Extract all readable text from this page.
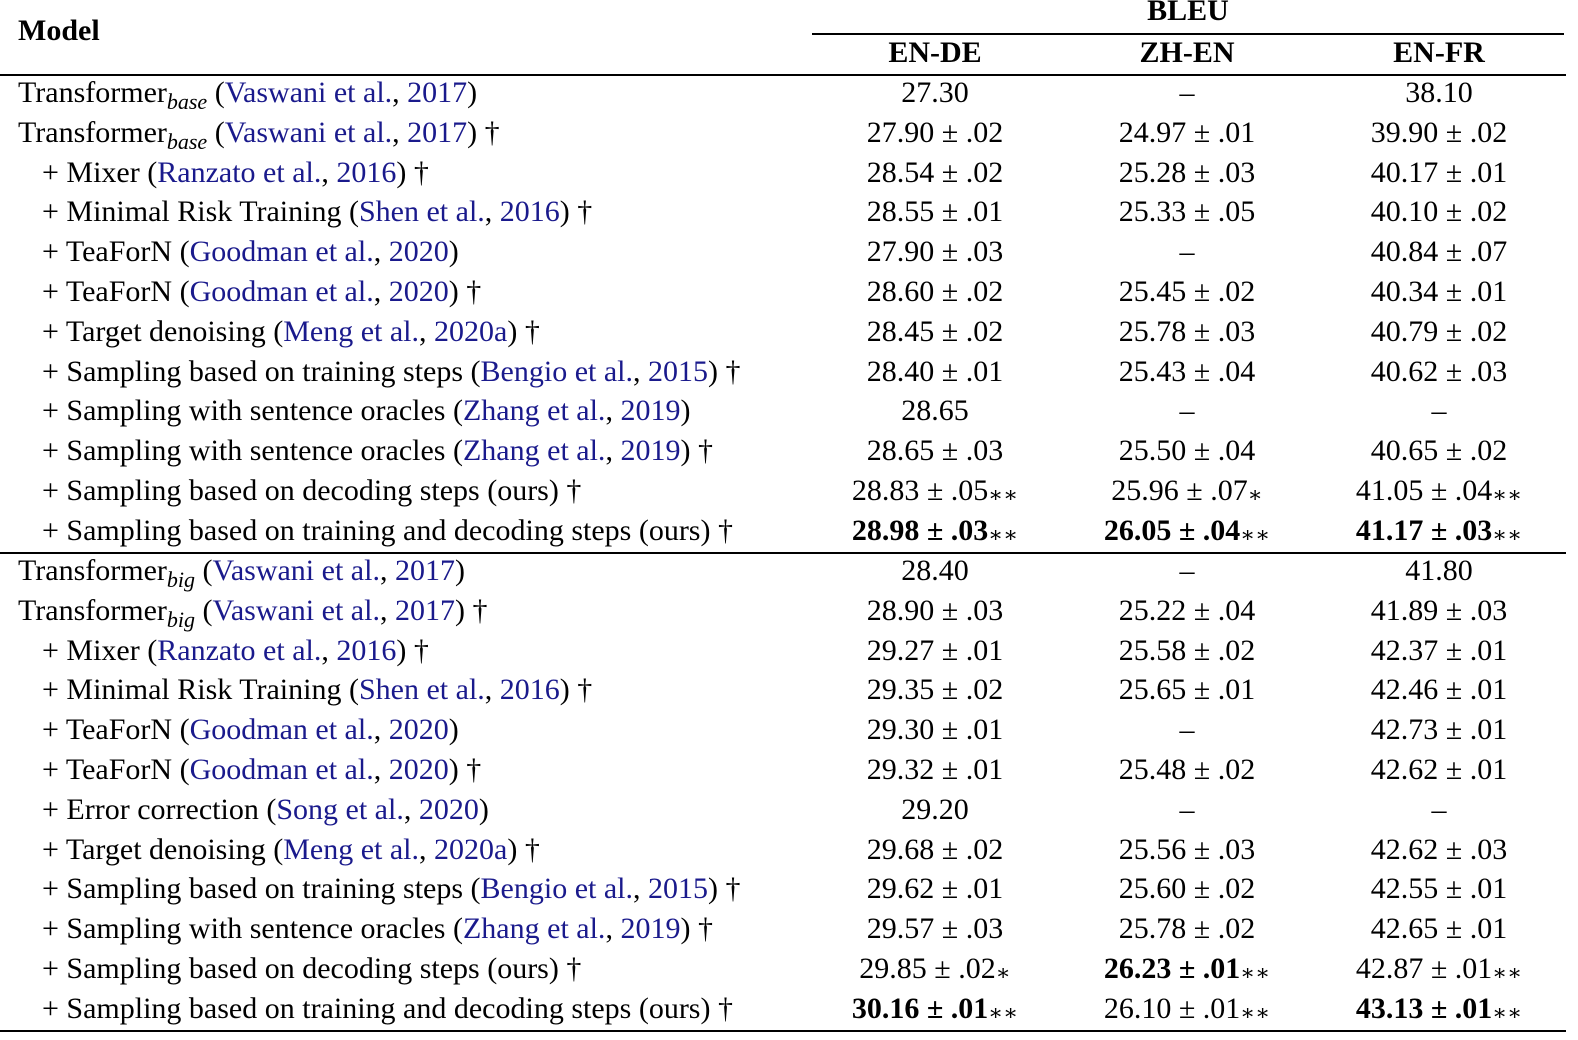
Model
BLEU
EN-DE	ZH-EN	EN-FR
Transformer$_{base}$ (Vaswani et al., 2017)	27.30	–	38.10
Transformer$_{base}$ (Vaswani et al., 2017) †	27.90 ± .02	24.97 ± .01	39.90 ± .02
+ Mixer (Ranzato et al., 2016) †	28.54 ± .02	25.28 ± .03	40.17 ± .01
+ Minimal Risk Training (Shen et al., 2016) †	28.55 ± .01	25.33 ± .05	40.10 ± .02
+ TeaForN (Goodman et al., 2020)	27.90 ± .03	–	40.84 ± .07
+ TeaForN (Goodman et al., 2020) †	28.60 ± .02	25.45 ± .02	40.34 ± .01
+ Target denoising (Meng et al., 2020a) †	28.45 ± .02	25.78 ± .03	40.79 ± .02
+ Sampling based on training steps (Bengio et al., 2015) †	28.40 ± .01	25.43 ± .04	40.62 ± .03
+ Sampling with sentence oracles (Zhang et al., 2019)	28.65	–	–
+ Sampling with sentence oracles (Zhang et al., 2019) †	28.65 ± .03	25.50 ± .04	40.65 ± .02
+ Sampling based on decoding steps (ours) †	28.83 ± .05∗∗	25.96 ± .07∗	41.05 ± .04∗∗
+ Sampling based on training and decoding steps (ours) †	28.98 ± .03∗∗	26.05 ± .04∗∗	41.17 ± .03∗∗
Transformer$_{big}$ (Vaswani et al., 2017)	28.40	–	41.80
Transformer$_{big}$ (Vaswani et al., 2017) †	28.90 ± .03	25.22 ± .04	41.89 ± .03
+ Mixer (Ranzato et al., 2016) †	29.27 ± .01	25.58 ± .02	42.37 ± .01
+ Minimal Risk Training (Shen et al., 2016) †	29.35 ± .02	25.65 ± .01	42.46 ± .01
+ TeaForN (Goodman et al., 2020)	29.30 ± .01	–	42.73 ± .01
+ TeaForN (Goodman et al., 2020) †	29.32 ± .01	25.48 ± .02	42.62 ± .01
+ Error correction (Song et al., 2020)	29.20	–	–
+ Target denoising (Meng et al., 2020a) †	29.68 ± .02	25.56 ± .03	42.62 ± .03
+ Sampling based on training steps (Bengio et al., 2015) †	29.62 ± .01	25.60 ± .02	42.55 ± .01
+ Sampling with sentence oracles (Zhang et al., 2019) †	29.57 ± .03	25.78 ± .02	42.65 ± .01
+ Sampling based on decoding steps (ours) †	29.85 ± .02∗	26.23 ± .01∗∗	42.87 ± .01∗∗
+ Sampling based on training and decoding steps (ours) †	30.16 ± .01∗∗	26.10 ± .01∗∗	43.13 ± .01∗∗
